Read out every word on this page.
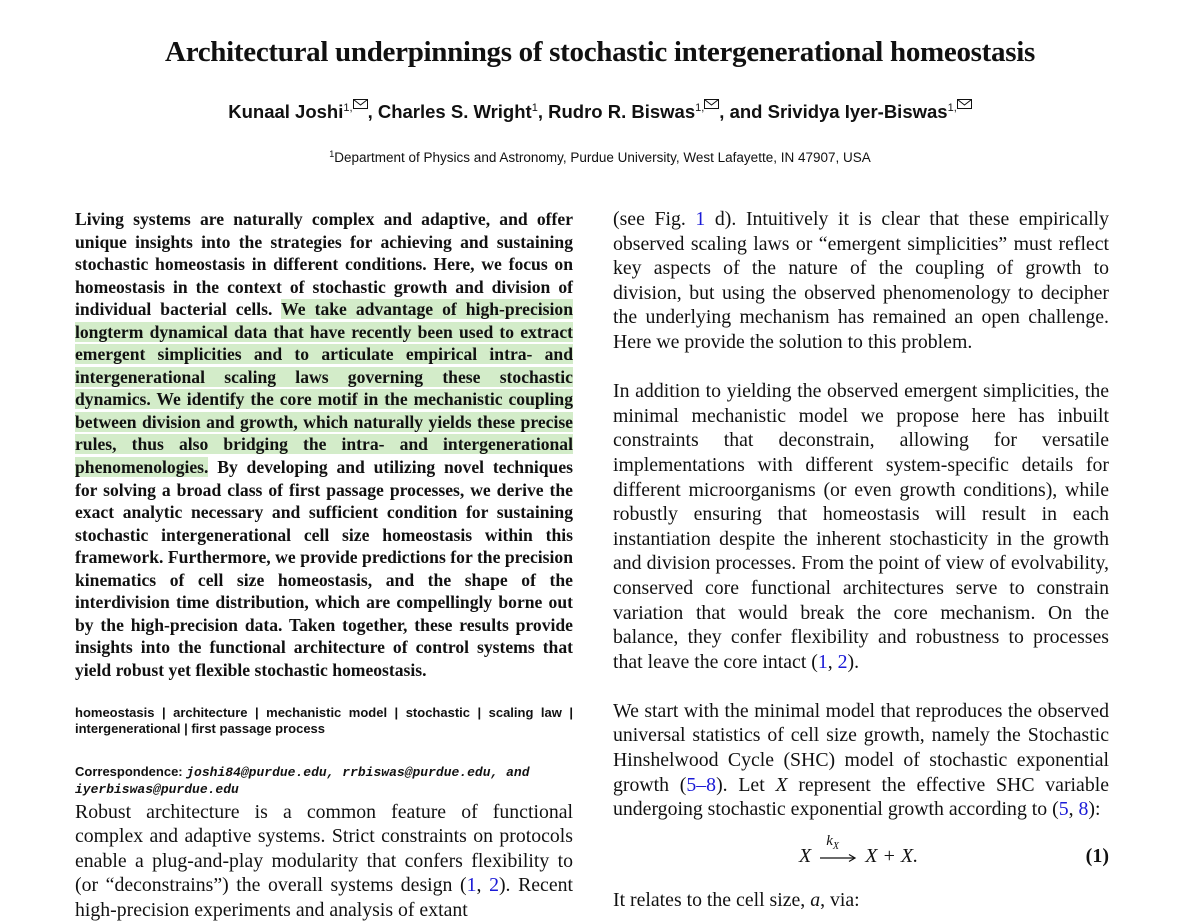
Architectural underpinnings of stochastic intergenerational homeostasis
Kunaal Joshi$^{1,}$ , Charles S. Wright$^1$, Rudro R. Biswas$^{1,}$ , and Srividya Iyer-Biswas$^{1,}$
$^1$Department of Physics and Astronomy, Purdue University, West Lafayette, IN 47907, USA

Living systems are naturally complex and adaptive, and offer unique insights into the strategies for achieving and sustaining stochastic homeostasis in different conditions. Here, we focus on homeostasis in the context of stochastic growth and division of individual bacterial cells. We take advantage of high-precision longterm dynamical data that have recently been used to extract emergent simplicities and to articulate empirical intra- and intergenerational scaling laws governing these stochastic dynamics. We identify the core motif in the mechanistic coupling between division and growth, which naturally yields these precise rules, thus also bridging the intra- and intergenerational phenomenologies. By developing and utilizing novel techniques for solving a broad class of first passage processes, we derive the exact analytic necessary and sufficient condition for sustaining stochastic intergenerational cell size homeostasis within this framework. Furthermore, we provide predictions for the precision kinematics of cell size homeostasis, and the shape of the interdivision time distribution, which are compellingly borne out by the high-precision data. Taken together, these results provide insights into the functional architecture of control systems that yield robust yet flexible stochastic homeostasis.

homeostasis | architecture | mechanistic model | stochastic | scaling law | intergenerational | first passage process

Correspondence: joshi84@purdue.edu, rrbiswas@purdue.edu, and iyerbiswas@purdue.edu

Robust architecture is a common feature of functional complex and adaptive systems. Strict constraints on protocols enable a plug-and-play modularity that confers flexibility to (or “deconstrains”) the overall systems design (1, 2). Recent high-precision experiments and analysis of extant

(see Fig. 1 d). Intuitively it is clear that these empirically observed scaling laws or “emergent simplicities” must reflect key aspects of the nature of the coupling of growth to division, but using the observed phenomenology to decipher the underlying mechanism has remained an open challenge. Here we provide the solution to this problem.

In addition to yielding the observed emergent simplicities, the minimal mechanistic model we propose here has inbuilt constraints that deconstrain, allowing for versatile implementations with different system-specific details for different microorganisms (or even growth conditions), while robustly ensuring that homeostasis will result in each instantiation despite the inherent stochasticity in the growth and division processes. From the point of view of evolvability, conserved core functional architectures serve to constrain variation that would break the core mechanism. On the balance, they confer flexibility and robustness to processes that leave the core intact (1, 2).

We start with the minimal model that reproduces the observed universal statistics of cell size growth, namely the Stochastic Hinshelwood Cycle (SHC) model of stochastic exponential growth (5–8). Let X represent the effective SHC variable undergoing stochastic exponential growth according to (5, 8):

X
$k_X$ X + X.	(1)

It relates to the cell size, a, via:
